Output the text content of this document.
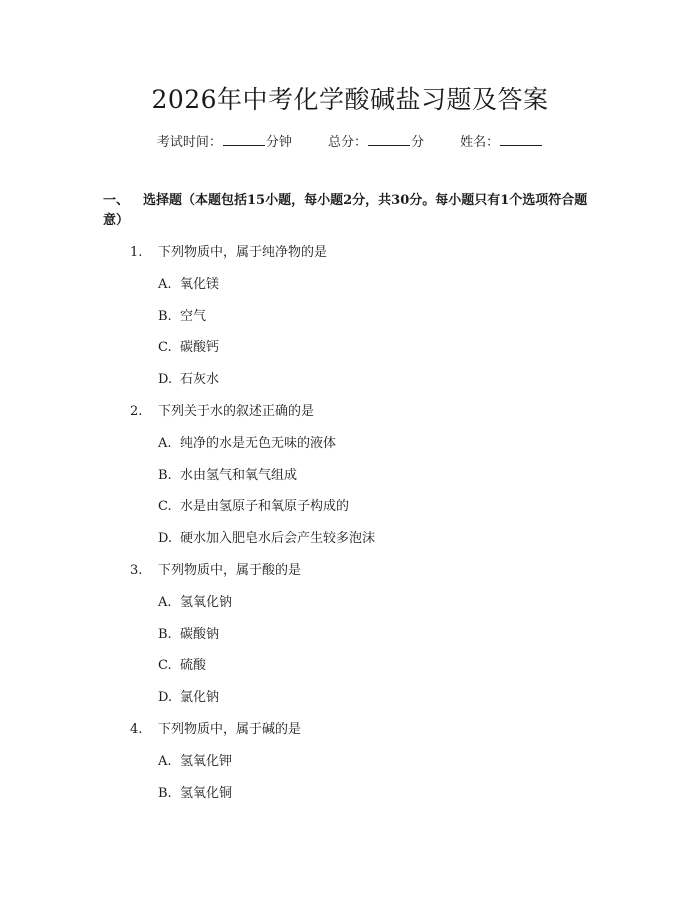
2026年中考化学酸碱盐习题及答案
考试时间：	分钟	总分：	分	姓名：
一、 选择题（本题包括15小题，每小题2分，共30分。每小题只有1个选项符合题意）
1. 下列物质中，属于纯净物的是
A. 氧化镁
B. 空气
C. 碳酸钙
D. 石灰水
2. 下列关于水的叙述正确的是
A. 纯净的水是无色无味的液体
B. 水由氢气和氧气组成
C. 水是由氢原子和氧原子构成的
D. 硬水加入肥皂水后会产生较多泡沫
3. 下列物质中，属于酸的是
A. 氢氧化钠
B. 碳酸钠
C. 硫酸
D. 氯化钠
4. 下列物质中，属于碱的是
A. 氢氧化钾
B. 氢氧化铜
